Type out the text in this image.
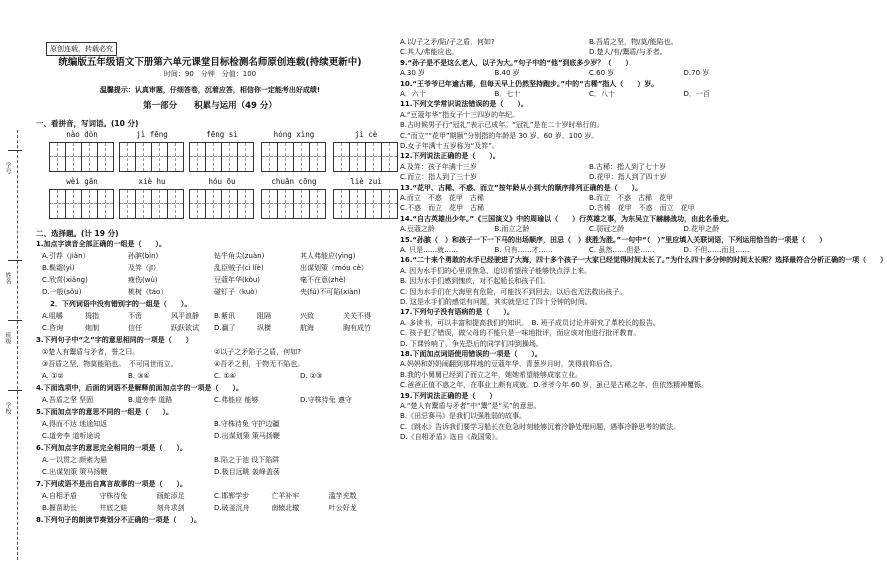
学号
姓名
班级
学校
原创连载，转载必究
统编版五年级语文下册第六单元课堂目标检测名师原创连载(持续更新中)
时间：90　分钟　分值：100
温馨提示：认真审题，仔细答卷，沉着应答，相信你一定能考出好成绩!
第一部分　　积累与运用（49 分）
一、看拼音，写词语。(10 分)
nào dòn	jì fēng	fēng sì	hóng xìng	jì cè
wèi gān	xiè hu	hóu ōu	chuān cōng	liè zuì
二、选择题。(计 19 分)
1.加点字读音全部正确的一组是（　　）。
A.引荐（jiàn）	孙膑(bìn)	钻牛角尖(zuàn)	其人弗能应(yìng)
B.鬓霜(yì)	及笄（jī）	乱臣贼子(cì lǐè)	出谋划策（móu cè）
C.欣赏(xiǎng)	瘦伤(wù)	豆蔻年华(kòu)	毫不在意(zhè)
D.一般(sǒu)	桃树（táo）	碰钉子（kuò）	夹(fú)不可陷(xiàn)
　　2．下列词语中没有错别字的一组是（　　）。
A.咀嚼	拇指	不啻	风平浪静	B.紫讯	阻隔	兴致	关关不得
C.咨询	炮制	信任	跃跃欲试	D.赢了	纵横	航海	胸有成竹
3.下列句子中“之”字的意思相同的一项是（　　）
①楚人有鬻盾与矛者，誉之曰。	②以子之矛陷子之盾，何如?
③吾盾之坚，物莫能陷也。　不可同世而立。	④吾矛之利，于物无不陷也。
A. ①②	B. ③④	C. ①④	D. ②③
4.下面选项中，后面的词语不是解释前面加点字的一项是（　　）。
A.吾盾之坚 坚固	B.道旁李 道路	C.弗能应 能够	D.守株待兔 遵守
5.下面加点字的意思不同的一组是（　　）。
A.得而不达 迷途知返	B.守株待兔 守护边疆
C.道旁李 道听途说	D.出谋划策 策马扬鞭
6.下列加点字的意思完全相同的一项是（　　）。
A.一以贯之 颜索为悬	B.陷之于池 设下陷阱
C.出谋划策 策马扬鞭	D.极目远眺 轰峰盖荡
7.下列成语不是出自寓言故事的一项是（　　）。
A.自相矛盾	守株待兔	画蛇添足	C.邯郸学步	亡羊补牢	滥竽充数
B.揠苗助长	井底之蛙	刻舟求剑	D.破釜沉舟	南辕北辙	叶公好龙
8.下列句子的朗读节奏划分不正确的一项是（　　）。
A.以/子之矛/陷/子之盾，何如?	B.吾盾之坚，物/莫/能陷也。
C.其人/弗能应也。	D.楚人/有/鬻盾/与矛者。
9.“孙子是不是这么老人，以子为大。”句子中的“他”到底多少岁？（　　）
A.30 岁	B.40 岁	C.60 岁	D.70 岁
10.“王爷爷已年逾古稀，但每天早上仍然坚持跑步。”中的“古稀”指人（　　）岁。
A．六十	B．七十	C．八十	D．一百
11.下列文学常识说法错误的是（　　）。
A.“豆蔻年华”指女子十三四岁的年纪。
B.古时候男子行“冠礼”表示已成年。“冠礼”是在二十岁时举行的。
C.“而立”“花甲”期颐”分别指的年龄是 30 岁、60 岁、100 岁。
D.女子年满十五岁称为“及笄”。
12.下列说法正确的是（　　）。
A.及笄：孩子年满十三岁	B.古稀：指人到了七十岁
C.而立：指人到了三十岁	D.花甲：指人到了四十岁
13.“花甲、古稀、不惑、而立”按年龄从小到大的顺序排列正确的是（　　）。
A.而立　不惑　花甲　古稀	B.而立　不惑　古稀　花甲
C.不惑　而立　花甲　古稀	D.古稀　花甲　不惑　而立　花甲
14.“自古英雄出少年。”《三国演义》中的周瑜以（　　）行英雄之事，为东吴立下赫赫战功，由此名垂史。
A.豆蔻之龄	B.而立之龄	C.弱冠之龄	D.花甲之龄
15.“孙膑（　）和孩子一下一下马的出场顺序，田忌（　）获胜为胜。”一句中“（　）”里应填入关联词语，下列运用恰当的一项是（　　）
A. 只是……就……	B. 只有……才……	C. 虽然……但是……	D. 不但……而且……
16.“二十来个勇敢的水手已经驶进了大海，四十多个孩子一大家已经觉得时间太长了。”为什么四十多分钟的时间太长呢？选择最符合分析正确的一项（　　）
A. 因为水手们的心里很焦急，迫切希望孩子能够快点浮上来。
B. 因为水手们感到愧疚，对不起船长和孩子们。
C. 因为水手们在大海里有危险，可能找不到回去，以后也无法救出孩子。
D. 这是水手们的感觉有问题，其实就是过了四十分钟的时间。
17.下列句子没有语病的是（　　）。
A. 多读书，可以丰富和提高我们的知识。　B. 班子成员讨论并研究了革校长的报告。
C. 孩子犯了错误，做父母的不能只是一味地批评，而应该对他进行批评教育。
D. 下课铃响了，争先恐后的同学们冲到操场。
18.下面加点词语使用错误的一项是（　　）。
A.妈妈和奶奶闹翻到那样地的豆蔻年华、青葱岁月时，笑得前仰后合。
B.我的小舅舅已经到了而立之年，她她希望能够成家立业。
C.爸爸正值不惑之年，在事业上颇有成就。D.爷爷今年 60 岁，虽已是古稀之年，但依然精神矍铄。
19.下列说法正确的是（　　）
A.“楚人有鬻盾与矛者”中“鬻”是“买”的意思。
B.《田忌赛马》是我们以强胜弱的故事。
C.《跳水》告诉我们要学习船长在危急时刻能够沉着冷静处理问题，遇事冷静思考的做法。
D.《自相矛盾》选自《战国策》。
